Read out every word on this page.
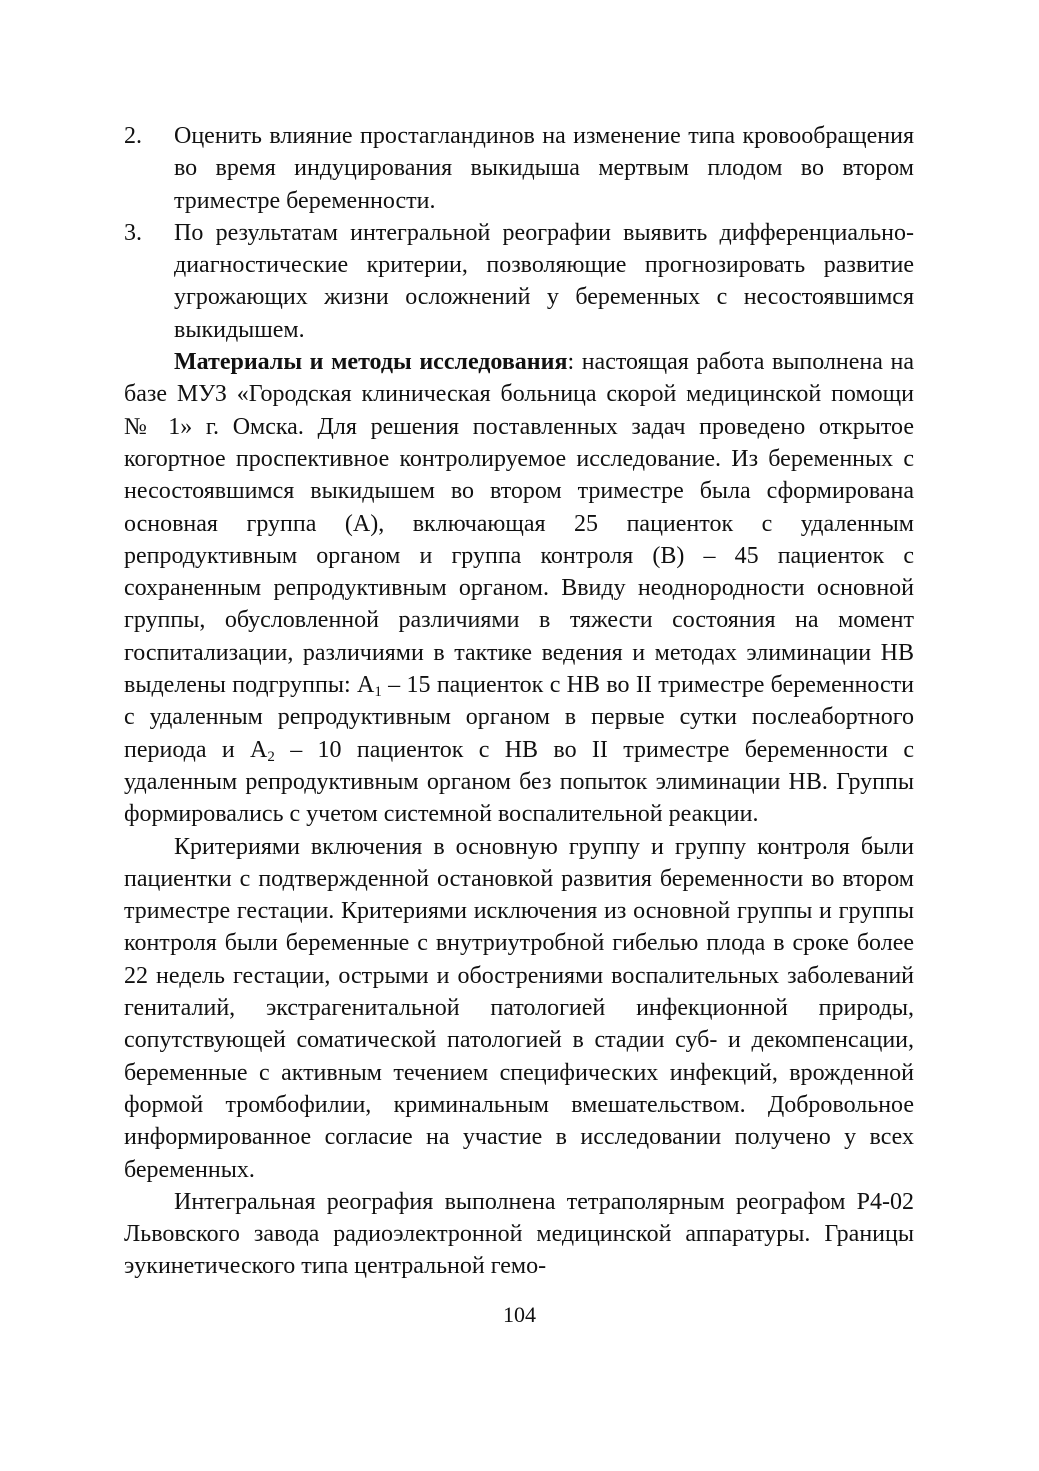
2.	Оценить влияние простагландинов на изменение типа кровообращения во время индуцирования выкидыша мертвым плодом во втором триместре беременности.
3.	По результатам интегральной реографии выявить дифференциально-диагностические критерии, позволяющие прогнозировать развитие угрожающих жизни осложнений у беременных с несостоявшимся выкидышем.

Материалы и методы исследования: настоящая работа выполнена на базе МУЗ «Городская клиническая больница скорой медицинской помощи № 1» г. Омска. Для решения поставленных задач проведено открытое когортное проспективное контролируемое исследование. Из беременных с несостоявшимся выкидышем во втором триместре была сформирована основная группа (А), включающая 25 пациенток с удаленным репродуктивным органом и группа контроля (В) – 45 пациенток с сохраненным репродуктивным органом. Ввиду неоднородности основной группы, обусловленной различиями в тяжести состояния на момент госпитализации, различиями в тактике ведения и методах элиминации НВ выделены подгруппы: $А_1 - 15$ пациенток с НВ во II триместре беременности с удаленным репродуктивным органом в первые сутки послеабортного периода и $А_2 - 10$ пациенток с НВ во II триместре беременности с удаленным репродуктивным органом без попыток элиминации НВ. Группы формировались с учетом системной воспалительной реакции.

Критериями включения в основную группу и группу контроля были пациентки с подтвержденной остановкой развития беременности во втором триместре гестации. Критериями исключения из основной группы и группы контроля были беременные с внутриутробной гибелью плода в сроке более 22 недель гестации, острыми и обострениями воспалительных заболеваний гениталий, экстрагенитальной патологией инфекционной природы, сопутствующей соматической патологией в стадии суб- и декомпенсации, беременные с активным течением специфических инфекций, врожденной формой тромбофилии, криминальным вмешательством. Добровольное информированное согласие на участие в исследовании получено у всех беременных.

Интегральная реография выполнена тетраполярным реографом Р4-02 Львовского завода радиоэлектронной медицинской аппаратуры. Границы эукинетического типа центральной гемо-

104
